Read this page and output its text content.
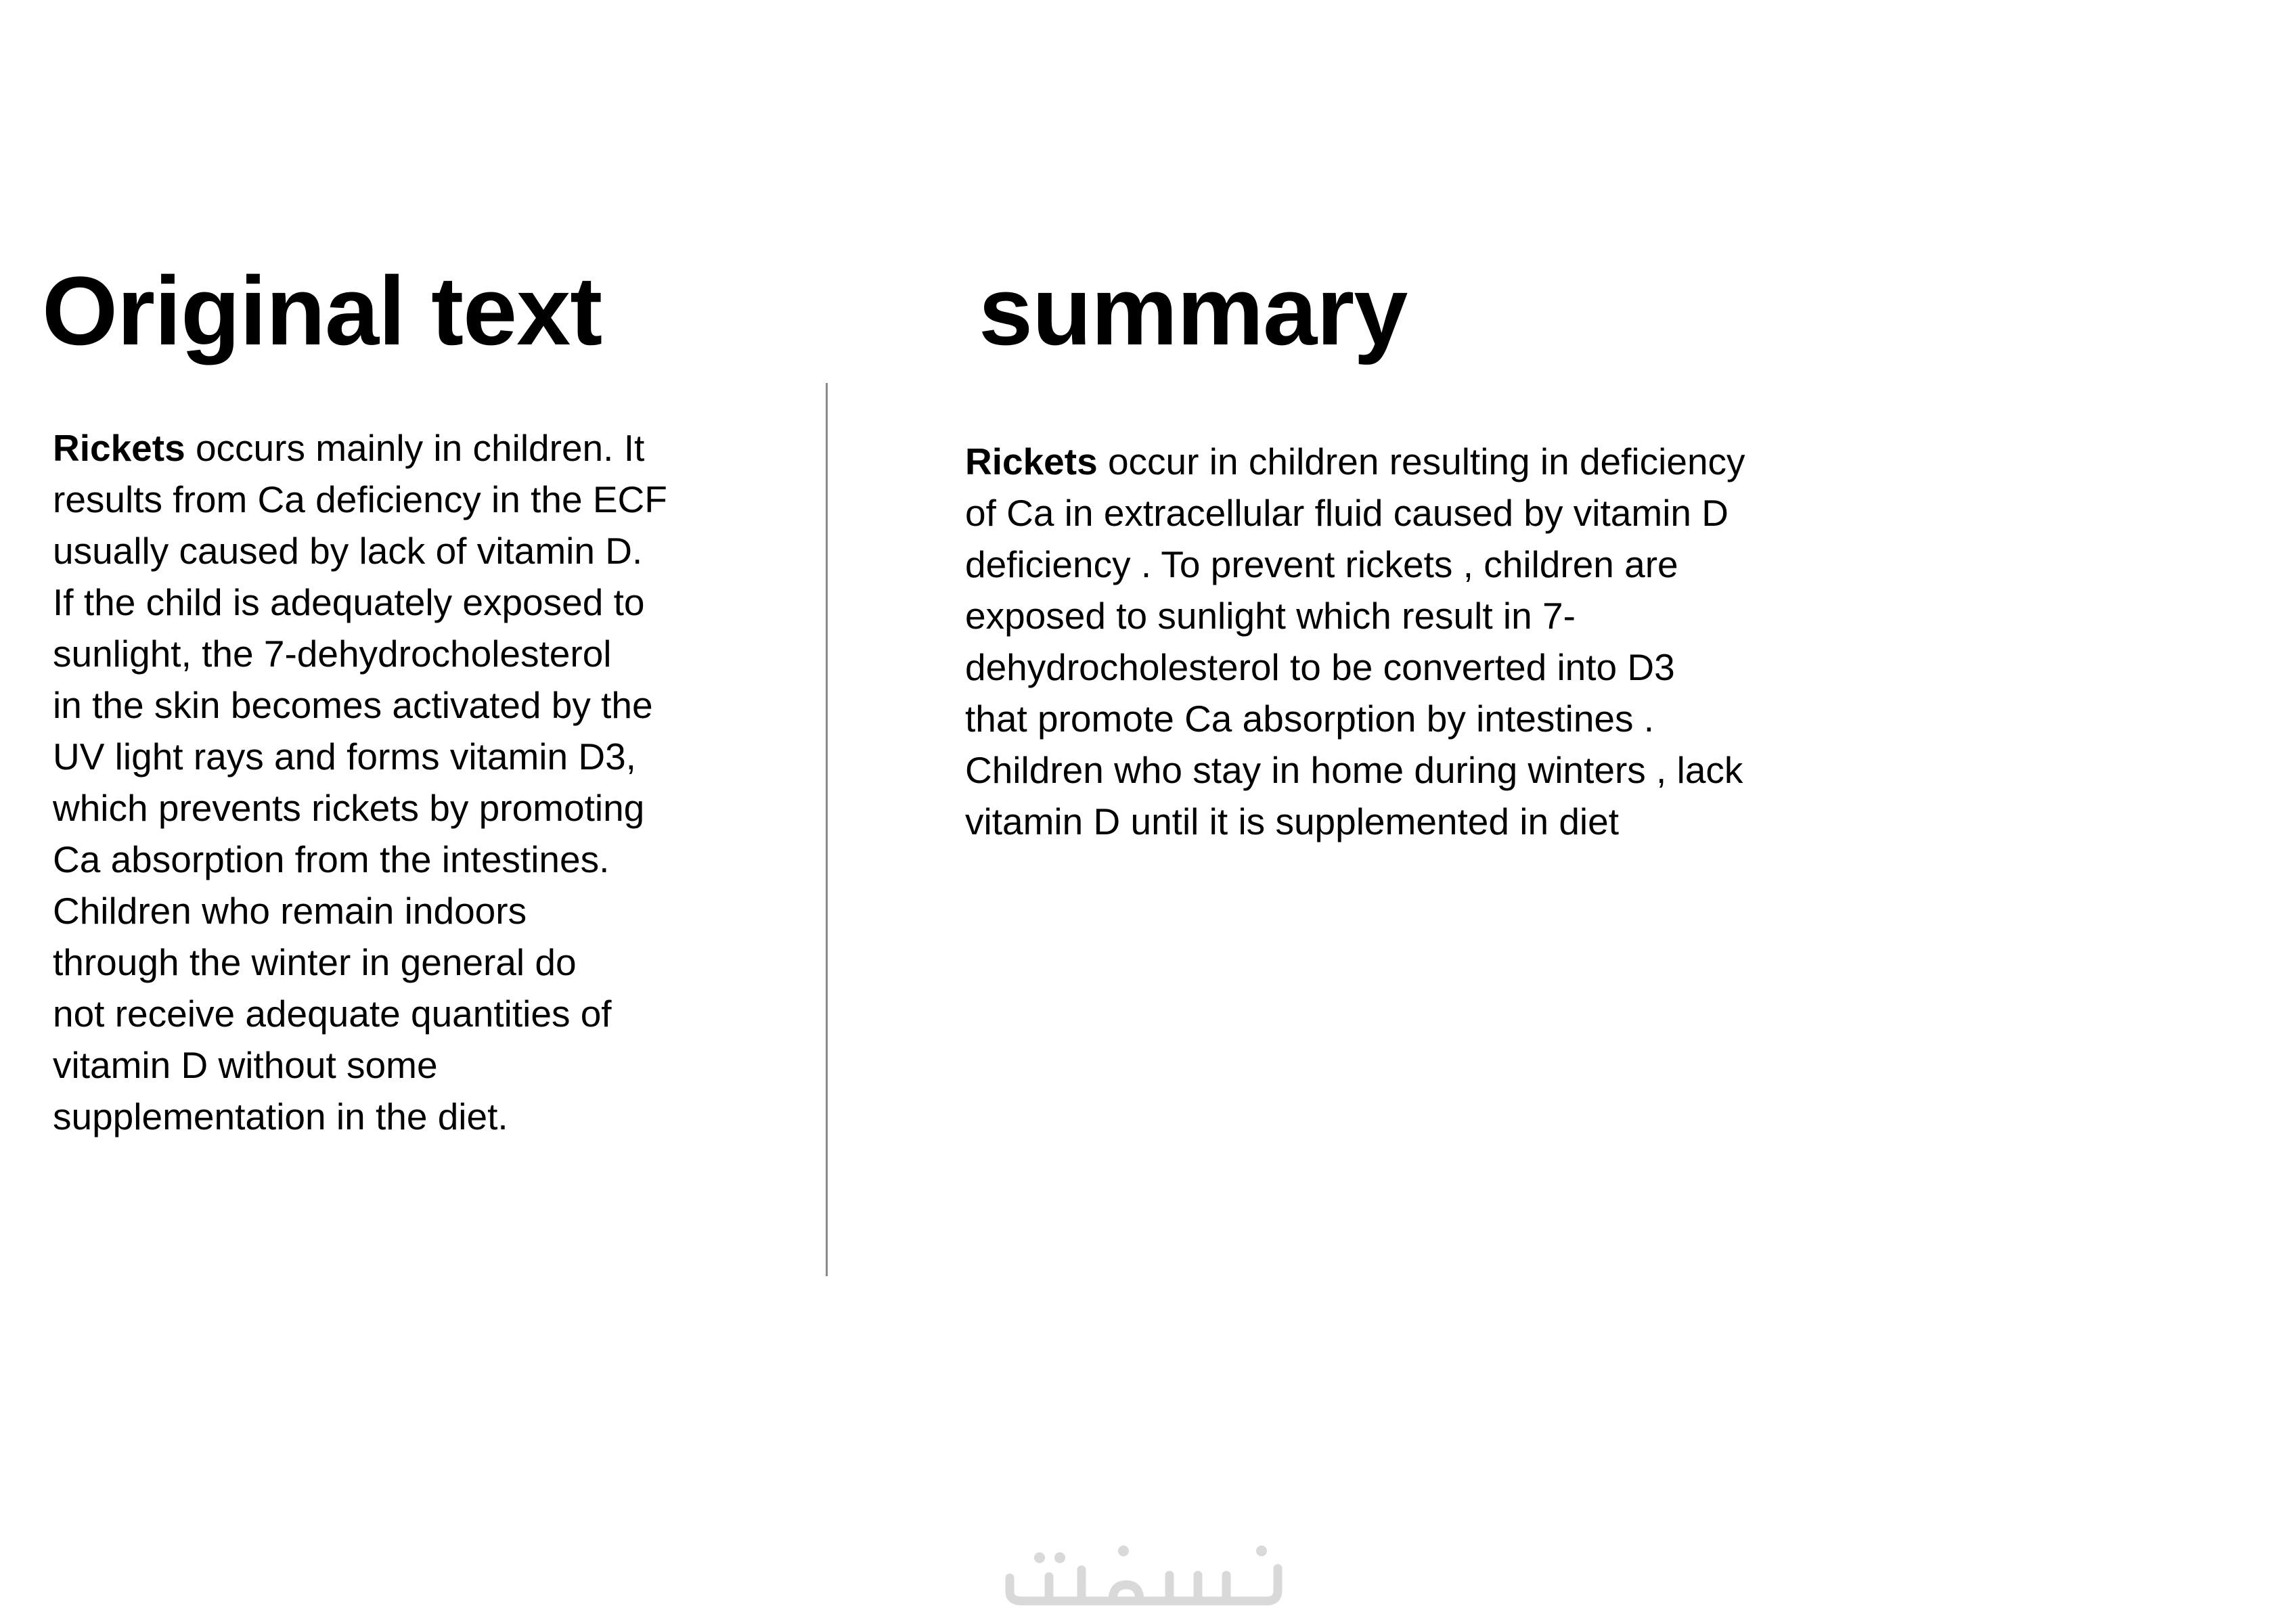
Original text	summary

Rickets occurs mainly in children. It
results from Ca deficiency in the ECF
usually caused by lack of vitamin D.
If the child is adequately exposed to
sunlight, the 7-dehydrocholesterol
in the skin becomes activated by the
UV light rays and forms vitamin D3,
which prevents rickets by promoting
Ca absorption from the intestines.
Children who remain indoors
through the winter in general do
not receive adequate quantities of
vitamin D without some
supplementation in the diet.

Rickets occur in children resulting in deficiency
of Ca in extracellular fluid caused by vitamin D
deficiency . To prevent rickets , children are
exposed to sunlight which result in 7-
dehydrocholesterol to be converted into D3
that promote Ca absorption by intestines .
Children who stay in home during winters , lack
vitamin D until it is supplemented in diet
